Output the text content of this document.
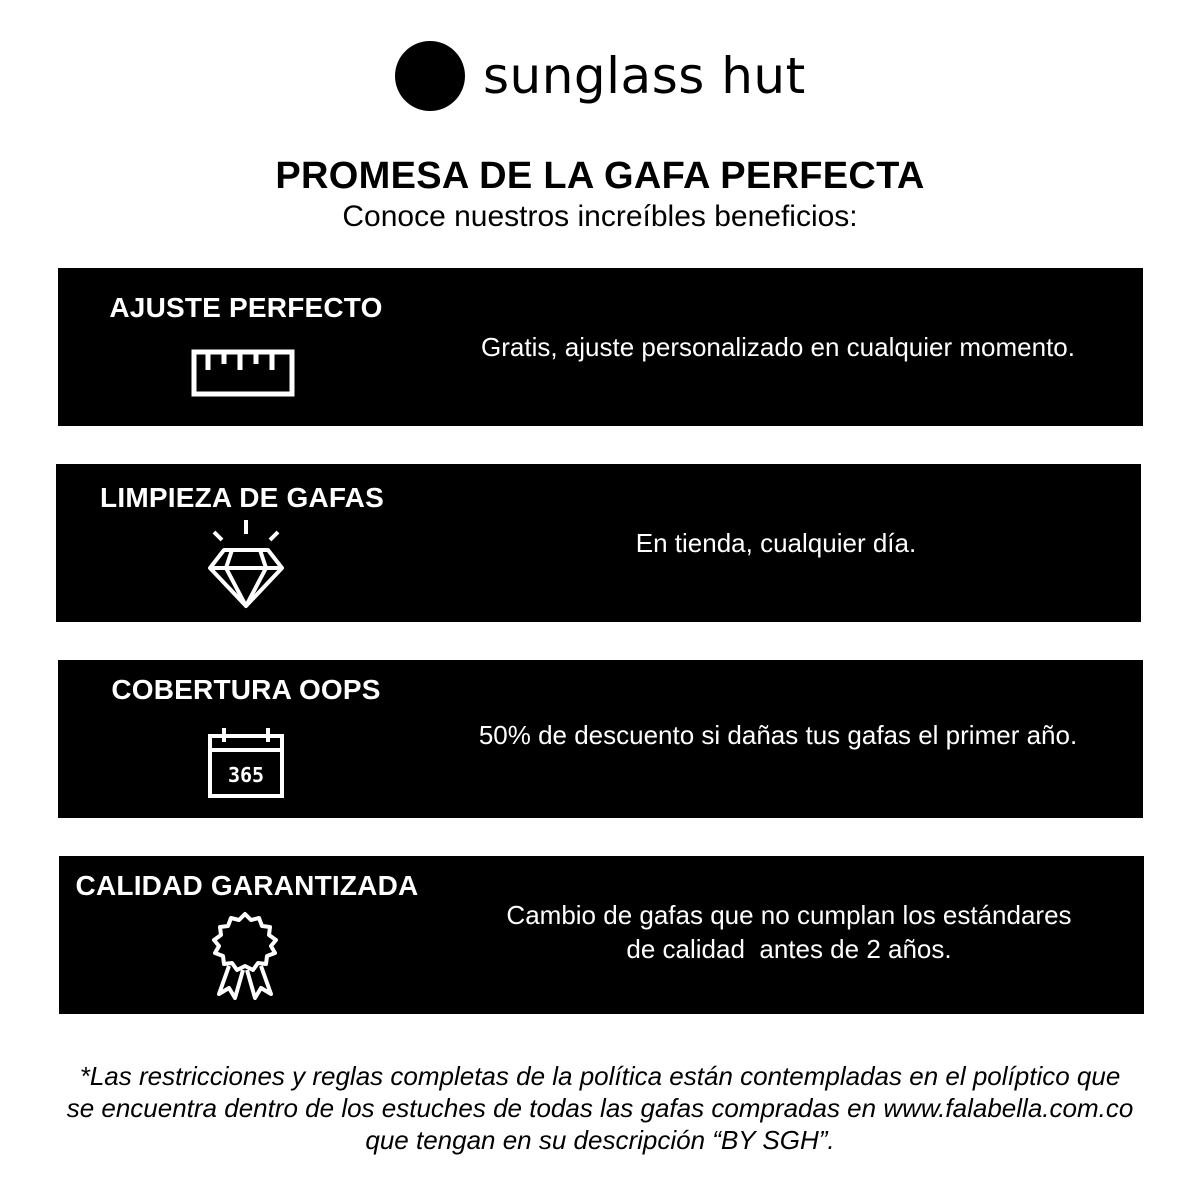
sunglass hut
PROMESA DE LA GAFA PERFECTA
Conoce nuestros increíbles beneficios:
AJUSTE PERFECTO
Gratis, ajuste personalizado en cualquier momento.
LIMPIEZA DE GAFAS
En tienda, cualquier día.
COBERTURA OOPS
365
50% de descuento si dañas tus gafas el primer año.
CALIDAD GARANTIZADA
Cambio de gafas que no cumplan los estándares
de calidad  antes de 2 años.
*Las restricciones y reglas completas de la política están contempladas en el políptico que
se encuentra dentro de los estuches de todas las gafas compradas en www.falabella.com.co
que tengan en su descripción “BY SGH”.
